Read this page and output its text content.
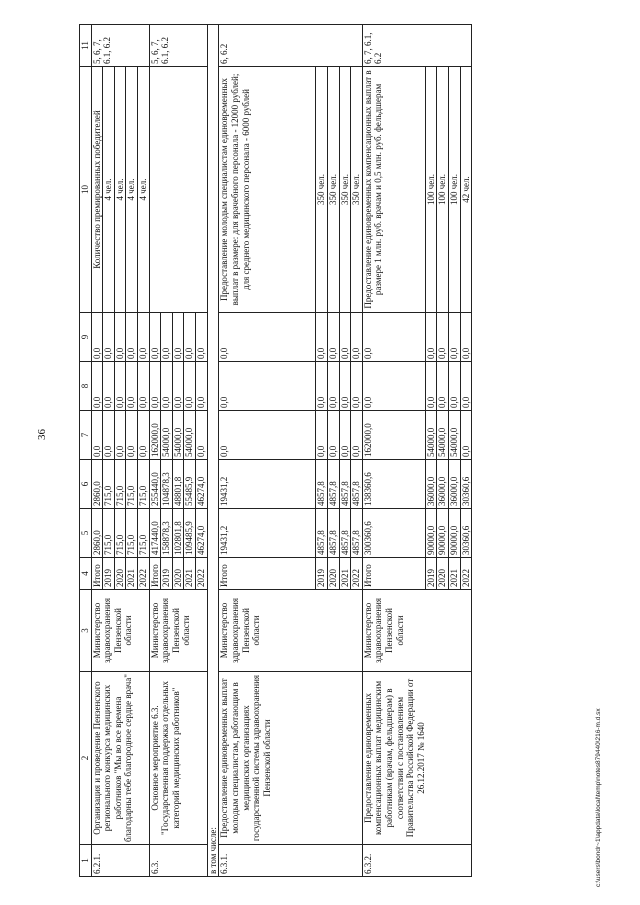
36
1	2	3	4	5	6	7	8	9	10	11
6.2.1.	Организация и проведение Пензенского регионального конкурса медицинских работников "Мы во все времена благодарны тебе благородное сердце врача"	Министерство здравоохранения Пензенской области	Итого	2860,0	2860,0	0,0	0,0	0,0	Количество премированных победителей	5, 6, 7, 6.1, 6.2
			2019	715,0	715,0	0,0	0,0	0,0	4 чел.	
			2020	715,0	715,0	0,0	0,0	0,0	4 чел.	
			2021	715,0	715,0	0,0	0,0	0,0	4 чел.	
			2022	715,0	715,0	0,0	0,0	0,0	4 чел.	
6.3.	Основное мероприятие 6.3. "Государственная поддержка отдельных категорий медицинских работников"	Министерство здравоохранения Пензенской области	Итого	417440,0	255440,0	162000,0	0,0	0,0		5, 6, 7, 6.1, 6.2
			2019	158878,3	104878,3	54000,0	0,0	0,0		
			2020	102801,8	48801,8	54000,0	0,0	0,0		
			2021	109485,9	55485,9	54000,0	0,0	0,0		
			2022	46274,0	46274,0	0,0	0,0	0,0		
в том числе:										
6.3.1.	Предоставление единовременных выплат молодым специалистам, работающим в медицинских организациях государственной системы здравоохранения Пензенской области	Министерство здравоохранения Пензенской области	Итого	19431,2	19431,2	0,0	0,0	0,0	Предоставление молодым специалистам единовременных выплат в размере: для врачебного персонала - 12000 рублей; для среднего медицинского персонала - 6000 рублей	6, 6.2
			2019	4857,8	4857,8	0,0	0,0	0,0	350 чел.	
			2020	4857,8	4857,8	0,0	0,0	0,0	350 чел.	
			2021	4857,8	4857,8	0,0	0,0	0,0	350 чел.	
			2022	4857,8	4857,8	0,0	0,0	0,0	350 чел.	
6.3.2.	Предоставление единовременных компенсационных выплат медицинским работникам (врачам, фельдшерам) в соответствии с постановлением Правительства Российской Федерации от 26.12.2017 № 1640	Министерство здравоохранения Пензенской области	Итого	300360,6	138360,6	162000,0	0,0	0,0	Предоставление единовременных компенсационных выплат в размере 1 млн. руб. врачам и 0,5 млн. руб. фельдшерам	6, 7, 6.1, 6.2
			2019	90000,0	36000,0	54000,0	0,0	0,0	100 чел.	
			2020	90000,0	36000,0	54000,0	0,0	0,0	100 чел.	
			2021	90000,0	36000,0	54000,0	0,0	0,0	100 чел.	
			2022	30360,6	30360,6	0,0	0,0	0,0	42 чел.	
c:\users\bondr~1\appdata\local\temp\notes879440\216-m.d.sx
